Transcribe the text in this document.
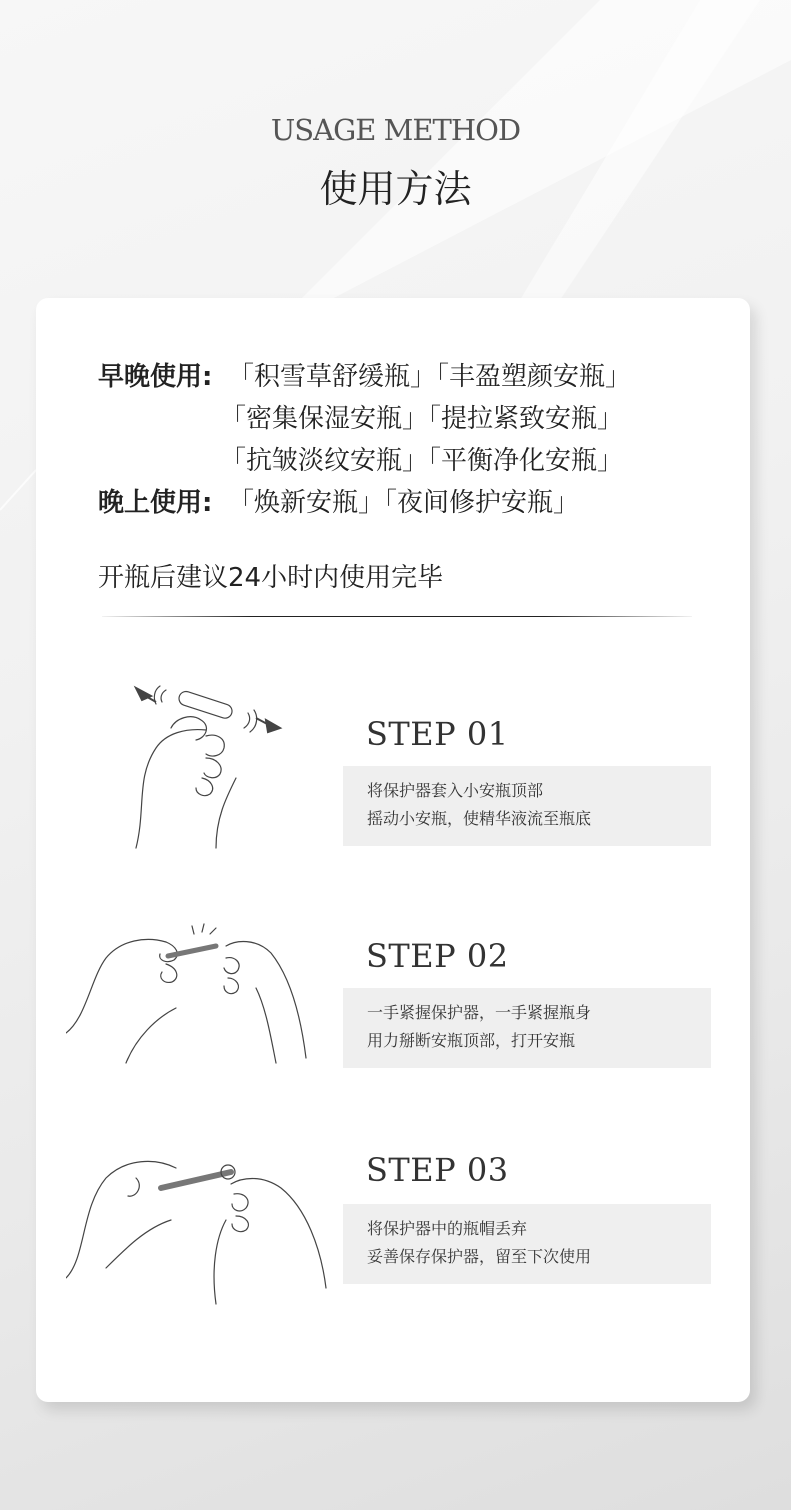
USAGE METHOD
使用方法
早晚使用: 「积雪草舒缓瓶」「丰盈塑颜安瓶」
「密集保湿安瓶」「提拉紧致安瓶」
「抗皱淡纹安瓶」「平衡净化安瓶」
晚上使用: 「焕新安瓶」「夜间修护安瓶」
开瓶后建议24小时内使用完毕
STEP 01
将保护器套入小安瓶顶部
摇动小安瓶，使精华液流至瓶底
STEP 02
一手紧握保护器，一手紧握瓶身
用力掰断安瓶顶部，打开安瓶
STEP 03
将保护器中的瓶帽丢弃
妥善保存保护器，留至下次使用
